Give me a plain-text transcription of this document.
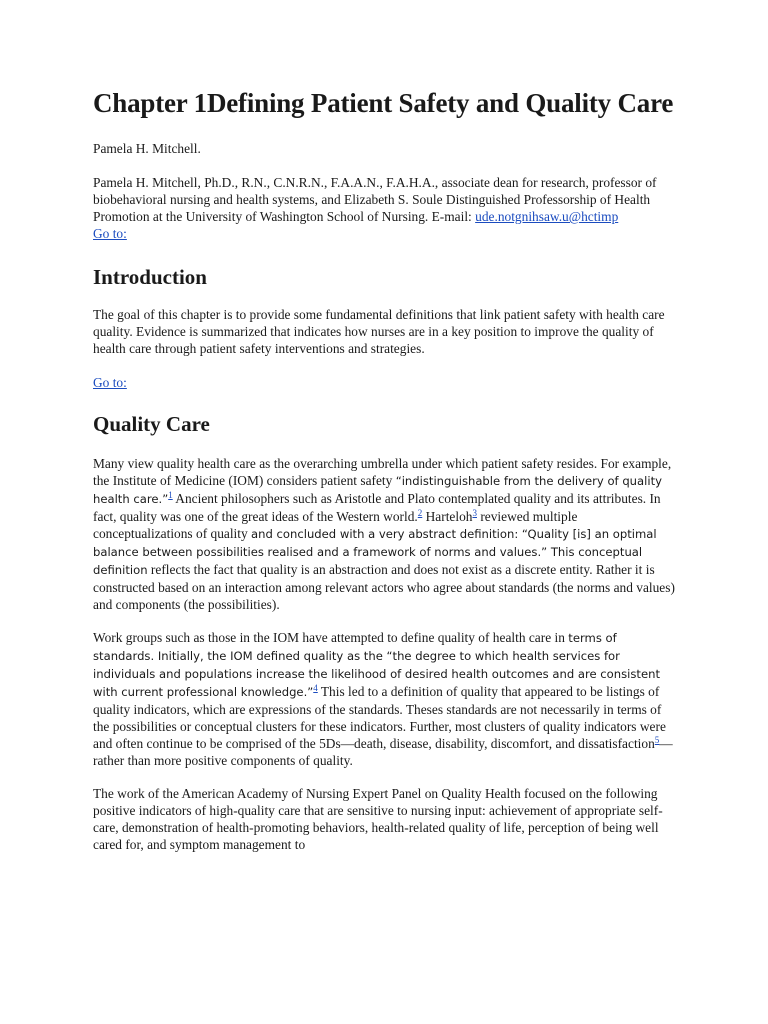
Chapter 1Defining Patient Safety and Quality Care

Pamela H. Mitchell.

Pamela H. Mitchell, Ph.D., R.N., C.N.R.N., F.A.A.N., F.A.H.A., associate dean for research, professor of biobehavioral nursing and health systems, and Elizabeth S. Soule Distinguished Professorship of Health Promotion at the University of Washington School of Nursing. E-mail: ude.notgnihsaw.u@hctimp
Go to:
Introduction

The goal of this chapter is to provide some fundamental definitions that link patient safety with health care quality. Evidence is summarized that indicates how nurses are in a key position to improve the quality of health care through patient safety interventions and strategies.

Go to:
Quality Care

Many view quality health care as the overarching umbrella under which patient safety resides. For example, the Institute of Medicine (IOM) considers patient safety “indistinguishable from the delivery of quality health care.”$^1$ Ancient philosophers such as Aristotle and Plato contemplated quality and its attributes. In fact, quality was one of the great ideas of the Western world.$^2$ Harteloh$^3$ reviewed multiple conceptualizations of quality and concluded with a very abstract definition: “Quality [is] an optimal balance between possibilities realised and a framework of norms and values.” This conceptual definition reflects the fact that quality is an abstraction and does not exist as a discrete entity. Rather it is constructed based on an interaction among relevant actors who agree about standards (the norms and values) and components (the possibilities).

Work groups such as those in the IOM have attempted to define quality of health care in terms of standards. Initially, the IOM defined quality as the “the degree to which health services for individuals and populations increase the likelihood of desired health outcomes and are consistent with current professional knowledge.”$^4$ This led to a definition of quality that appeared to be listings of quality indicators, which are expressions of the standards. Theses standards are not necessarily in terms of the possibilities or conceptual clusters for these indicators. Further, most clusters of quality indicators were and often continue to be comprised of the 5Ds—death, disease, disability, discomfort, and dissatisfaction$^5$—rather than more positive components of quality.

The work of the American Academy of Nursing Expert Panel on Quality Health focused on the following positive indicators of high-quality care that are sensitive to nursing input: achievement of appropriate self-care, demonstration of health-promoting behaviors, health-related quality of life, perception of being well cared for, and symptom management to
